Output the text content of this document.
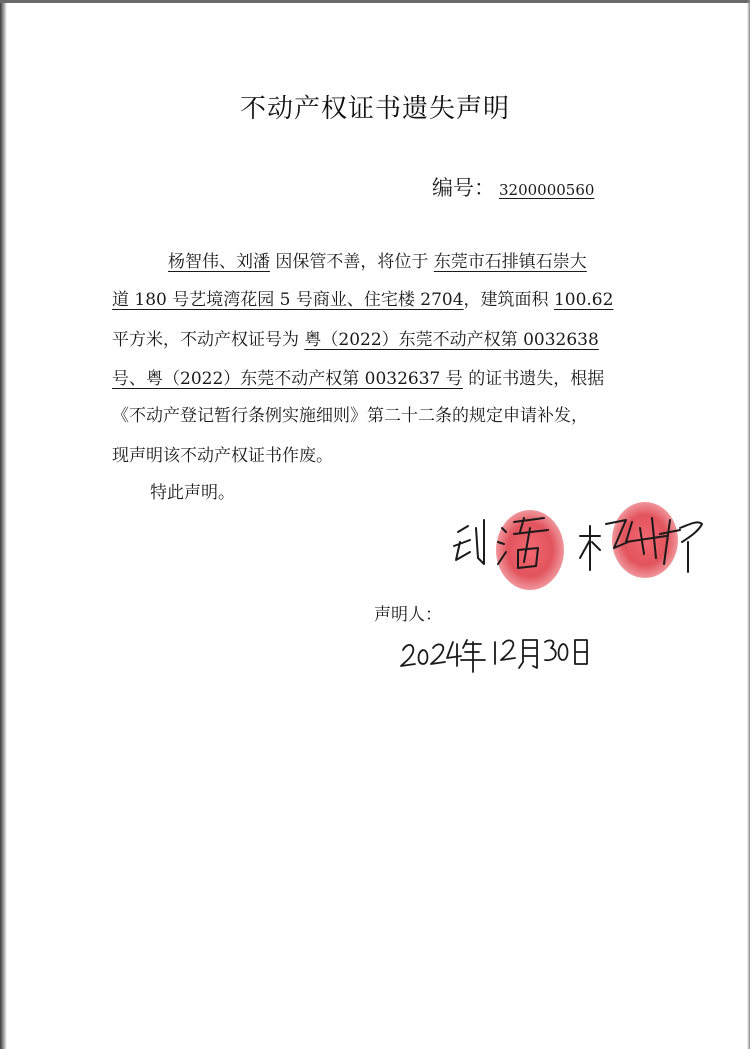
不动产权证书遗失声明
编号： 3200000560
杨智伟、刘潘 因保管不善，将位于 东莞市石排镇石崇大
道 180 号艺境湾花园 5 号商业、住宅楼 2704，建筑面积 100.62
平方米，不动产权证号为 粤（2022）东莞不动产权第 0032638
号、粤（2022）东莞不动产权第 0032637 号 的证书遗失，根据
《不动产登记暂行条例实施细则》第二十二条的规定申请补发，
现声明该不动产权证书作废。
特此声明。
声明人：
